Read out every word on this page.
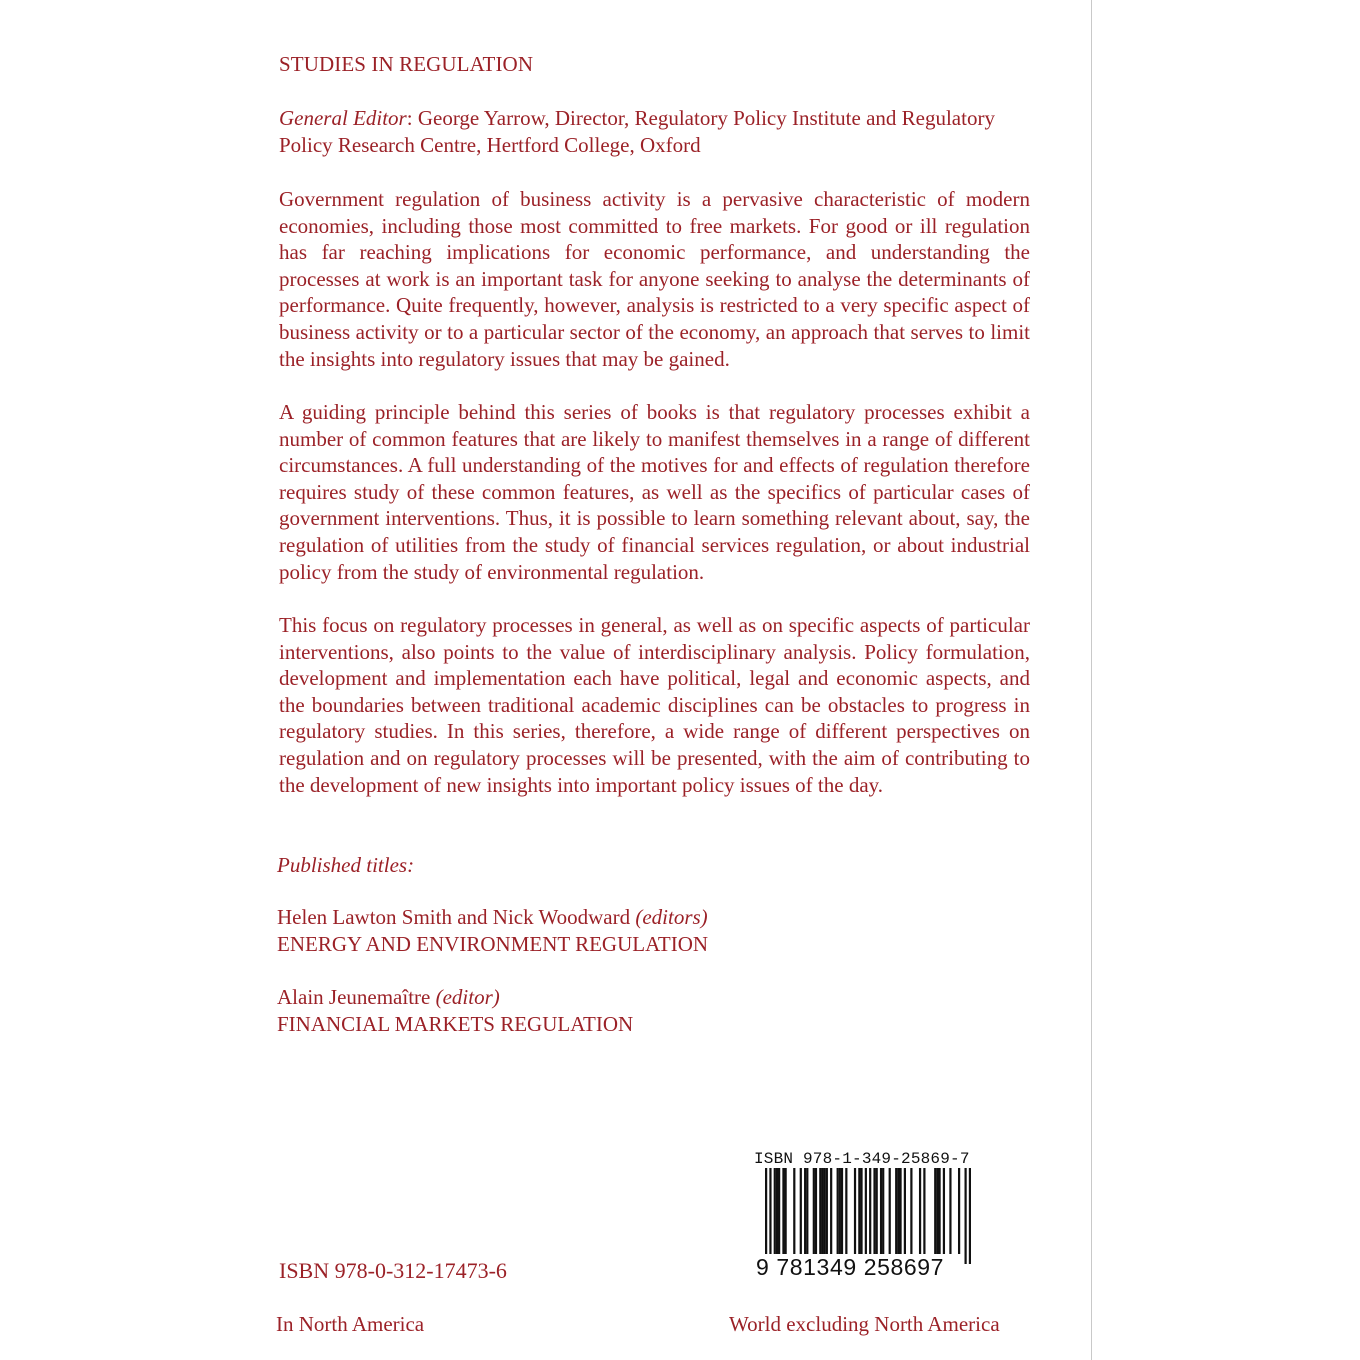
STUDIES IN REGULATION

General Editor: George Yarrow, Director, Regulatory Policy Institute and Regulatory Policy Research Centre, Hertford College, Oxford

Government regulation of business activity is a pervasive characteristic of modern economies, including those most committed to free markets. For good or ill regulation has far reaching implications for economic performance, and understanding the processes at work is an important task for anyone seeking to analyse the determinants of performance. Quite frequently, however, analysis is restricted to a very specific aspect of business activity or to a particular sector of the economy, an approach that serves to limit the insights into regulatory issues that may be gained.

A guiding principle behind this series of books is that regulatory processes exhibit a number of common features that are likely to manifest themselves in a range of different circumstances. A full understanding of the motives for and effects of regulation therefore requires study of these common features, as well as the specifics of particular cases of government interventions. Thus, it is possible to learn something relevant about, say, the regulation of utilities from the study of financial services regulation, or about industrial policy from the study of environmental regulation.

This focus on regulatory processes in general, as well as on specific aspects of particular interventions, also points to the value of interdisciplinary analysis. Policy formulation, development and implementation each have political, legal and economic aspects, and the boundaries between traditional academic disciplines can be obstacles to progress in regulatory studies. In this series, therefore, a wide range of different perspectives on regulation and on regulatory processes will be presented, with the aim of contributing to the development of new insights into important policy issues of the day.

Published titles:

Helen Lawton Smith and Nick Woodward (editors)
ENERGY AND ENVIRONMENT REGULATION
Alain Jeunemaître (editor)
FINANCIAL MARKETS REGULATION
ISBN 978-1-349-25869-7
9 781349 258697
ISBN 978-0-312-17473-6
In North America	World excluding North America
